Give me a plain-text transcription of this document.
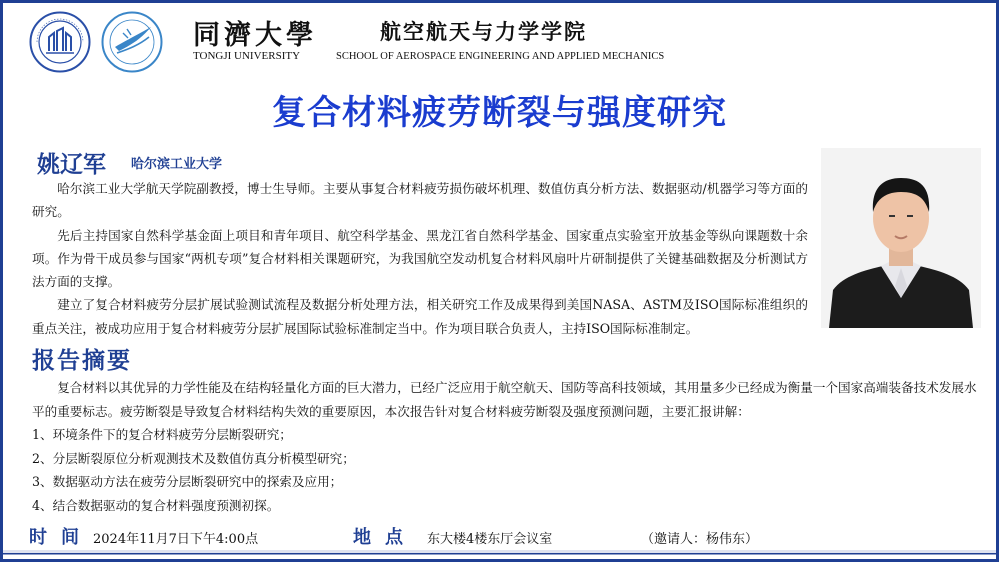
同濟大學
TONGJI UNIVERSITY
航空航天与力学学院
SCHOOL OF AEROSPACE ENGINEERING AND APPLIED MECHANICS
复合材料疲劳断裂与强度研究
姚辽军 哈尔滨工业大学

哈尔滨工业大学航天学院副教授，博士生导师。主要从事复合材料疲劳损伤破坏机理、数值仿真分析方法、数据驱动/机器学习等方面的研究。

先后主持国家自然科学基金面上项目和青年项目、航空科学基金、黑龙江省自然科学基金、国家重点实验室开放基金等纵向课题数十余项。作为骨干成员参与国家“两机专项”复合材料相关课题研究，为我国航空发动机复合材料风扇叶片研制提供了关键基础数据及分析测试方法方面的支撑。

建立了复合材料疲劳分层扩展试验测试流程及数据分析处理方法，相关研究工作及成果得到美国NASA、ASTM及ISO国际标准组织的重点关注，被成功应用于复合材料疲劳分层扩展国际试验标准制定当中。作为项目联合负责人，主持ISO国际标准制定。

报告摘要

复合材料以其优异的力学性能及在结构轻量化方面的巨大潜力，已经广泛应用于航空航天、国防等高科技领域，其用量多少已经成为衡量一个国家高端装备技术发展水平的重要标志。疲劳断裂是导致复合材料结构失效的重要原因，本次报告针对复合材料疲劳断裂及强度预测问题，主要汇报讲解：

1、环境条件下的复合材料疲劳分层断裂研究；

2、分层断裂原位分析观测技术及数值仿真分析模型研究；

3、数据驱动方法在疲劳分层断裂研究中的探索及应用；

4、结合数据驱动的复合材料强度预测初探。

时间 2024年11月7日下午4:00点	地点 东大楼4楼东厅会议室	（邀请人：杨伟东）
